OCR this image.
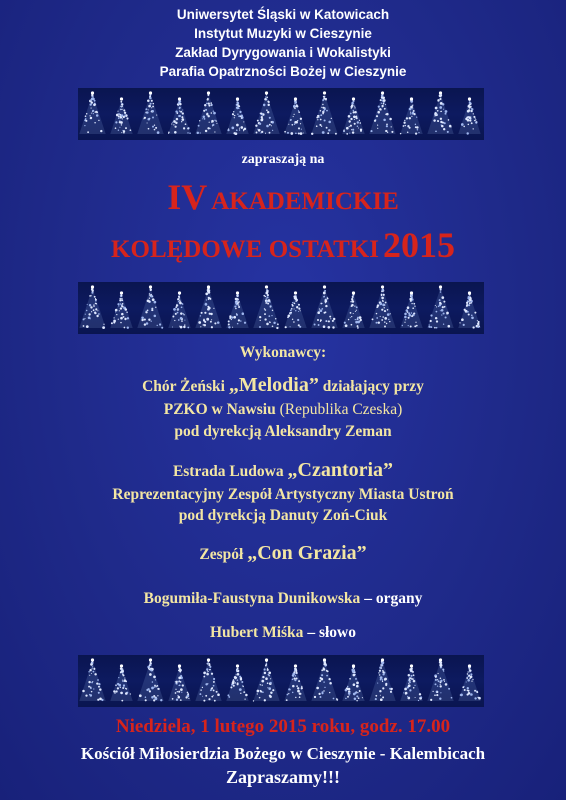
Uniwersytet Śląski w Katowicach
Instytut Muzyki w Cieszynie
Zakład Dyrygowania i Wokalistyki
Parafia Opatrzności Bożej w Cieszynie
zapraszają na
IV AKADEMICKIE
KOLĘDOWE OSTATKI 2015
Wykonawcy:
Chór Żeński „Melodia” działający przy
PZKO w Nawsiu (Republika Czeska)
pod dyrekcją Aleksandry Zeman
Estrada Ludowa „Czantoria”
Reprezentacyjny Zespół Artystyczny Miasta Ustroń
pod dyrekcją Danuty Zoń-Ciuk
Zespół „Con Grazia”
Bogumiła-Faustyna Dunikowska – organy
Hubert Miśka – słowo
Niedziela, 1 lutego 2015 roku, godz. 17.00
Kościół Miłosierdzia Bożego w Cieszynie - Kalembicach
Zapraszamy!!!
